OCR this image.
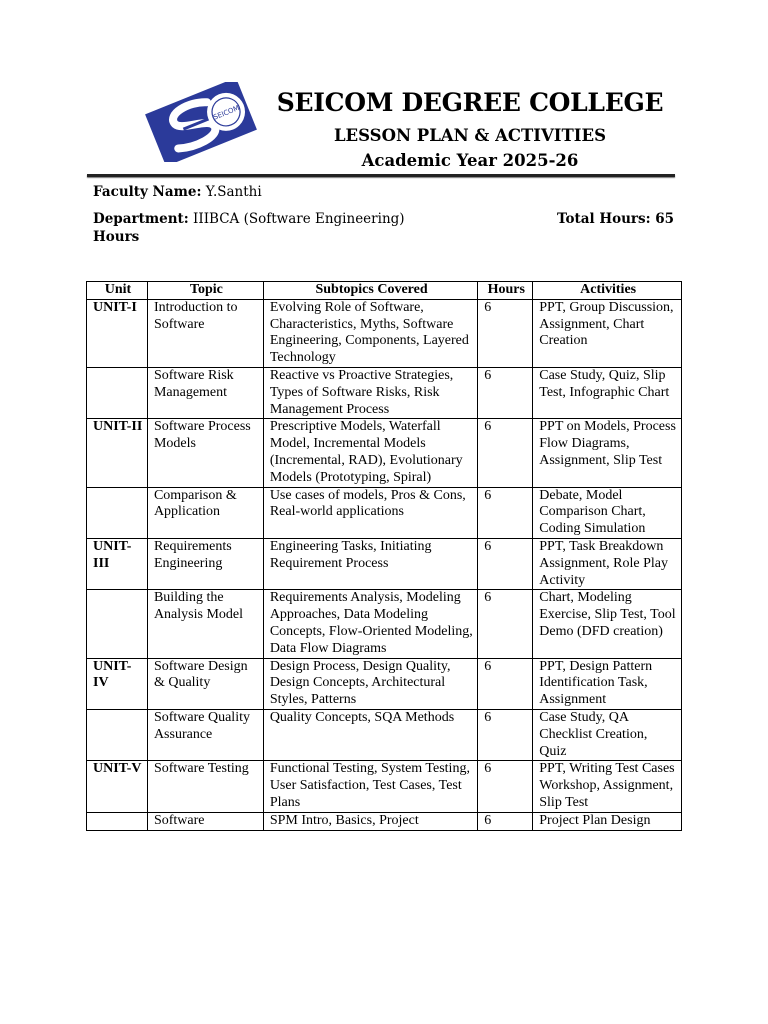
SEICOM	SEICOM DEGREE COLLEGE
LESSON PLAN & ACTIVITIES
Academic Year 2025-26
Faculty Name: Y.Santhi
Department: IIIBCA (Software Engineering)	Total Hours: 65
Hours
Unit	Topic	Subtopics Covered	Hours	Activities
UNIT-I	Introduction to Software	Evolving Role of Software, Characteristics, Myths, Software Engineering, Components, Layered Technology	6	PPT, Group Discussion, Assignment, Chart Creation
	Software Risk Management	Reactive vs Proactive Strategies, Types of Software Risks, Risk Management Process	6	Case Study, Quiz, Slip Test, Infographic Chart
UNIT-II	Software Process Models	Prescriptive Models, Waterfall Model, Incremental Models (Incremental, RAD), Evolutionary Models (Prototyping, Spiral)	6	PPT on Models, Process Flow Diagrams, Assignment, Slip Test
	Comparison & Application	Use cases of models, Pros & Cons, Real-world applications	6	Debate, Model Comparison Chart, Coding Simulation
UNIT-III	Requirements Engineering	Engineering Tasks, Initiating Requirement Process	6	PPT, Task Breakdown Assignment, Role Play Activity
	Building the Analysis Model	Requirements Analysis, Modeling Approaches, Data Modeling Concepts, Flow-Oriented Modeling, Data Flow Diagrams	6	Chart, Modeling Exercise, Slip Test, Tool Demo (DFD creation)
UNIT-IV	Software Design & Quality	Design Process, Design Quality, Design Concepts, Architectural Styles, Patterns	6	PPT, Design Pattern Identification Task, Assignment
	Software Quality Assurance	Quality Concepts, SQA Methods	6	Case Study, QA Checklist Creation, Quiz
UNIT-V	Software Testing	Functional Testing, System Testing, User Satisfaction, Test Cases, Test Plans	6	PPT, Writing Test Cases Workshop, Assignment, Slip Test
	Software	SPM Intro, Basics, Project	6	Project Plan Design
